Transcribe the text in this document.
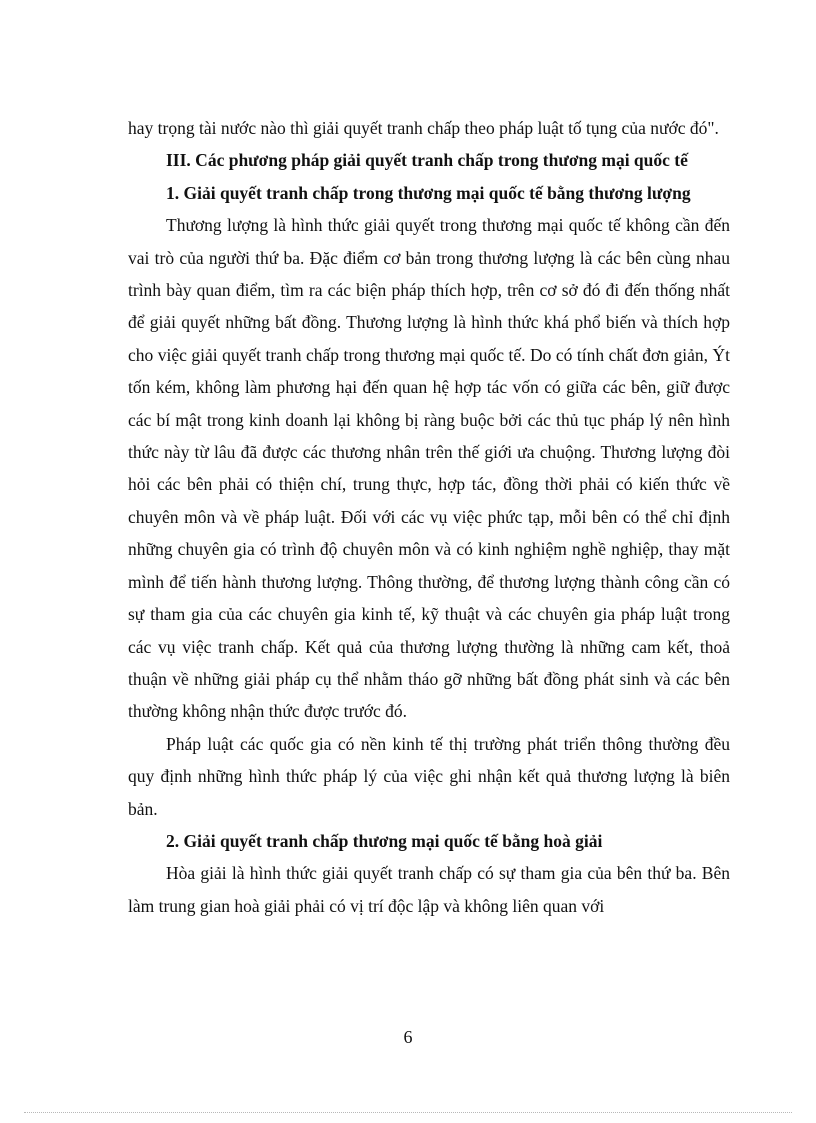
hay trọng tài nước nào thì giải quyết tranh chấp theo pháp luật tố tụng của nước đó".

III. Các phương pháp giải quyết tranh chấp trong thương mại quốc tế

1. Giải quyết tranh chấp trong thương mại quốc tế bằng thương lượng

Thương lượng là hình thức giải quyết trong thương mại quốc tế không cần đến vai trò của người thứ ba. Đặc điểm cơ bản trong thương lượng là các bên cùng nhau trình bày quan điểm, tìm ra các biện pháp thích hợp, trên cơ sở đó đi đến thống nhất để giải quyết những bất đồng. Thương lượng là hình thức khá phổ biến và thích hợp cho việc giải quyết tranh chấp trong thương mại quốc tế. Do có tính chất đơn giản, Ýt tốn kém, không làm phương hại đến quan hệ hợp tác vốn có giữa các bên, giữ được các bí mật trong kinh doanh lại không bị ràng buộc bởi các thủ tục pháp lý nên hình thức này từ lâu đã được các thương nhân trên thế giới ưa chuộng. Thương lượng đòi hỏi các bên phải có thiện chí, trung thực, hợp tác, đồng thời phải có kiến thức về chuyên môn và về pháp luật. Đối với các vụ việc phức tạp, mỗi bên có thể chỉ định những chuyên gia có trình độ chuyên môn và có kinh nghiệm nghề nghiệp, thay mặt mình để tiến hành thương lượng. Thông thường, để thương lượng thành công cần có sự tham gia của các chuyên gia kinh tế, kỹ thuật và các chuyên gia pháp luật trong các vụ việc tranh chấp. Kết quả của thương lượng thường là những cam kết, thoả thuận về những giải pháp cụ thể nhằm tháo gỡ những bất đồng phát sinh và các bên thường không nhận thức được trước đó.

Pháp luật các quốc gia có nền kinh tế thị trường phát triển thông thường đều quy định những hình thức pháp lý của việc ghi nhận kết quả thương lượng là biên bản.

2. Giải quyết tranh chấp thương mại quốc tế bằng hoà giải

Hòa giải là hình thức giải quyết tranh chấp có sự tham gia của bên thứ ba. Bên làm trung gian hoà giải phải có vị trí độc lập và không liên quan với

6
